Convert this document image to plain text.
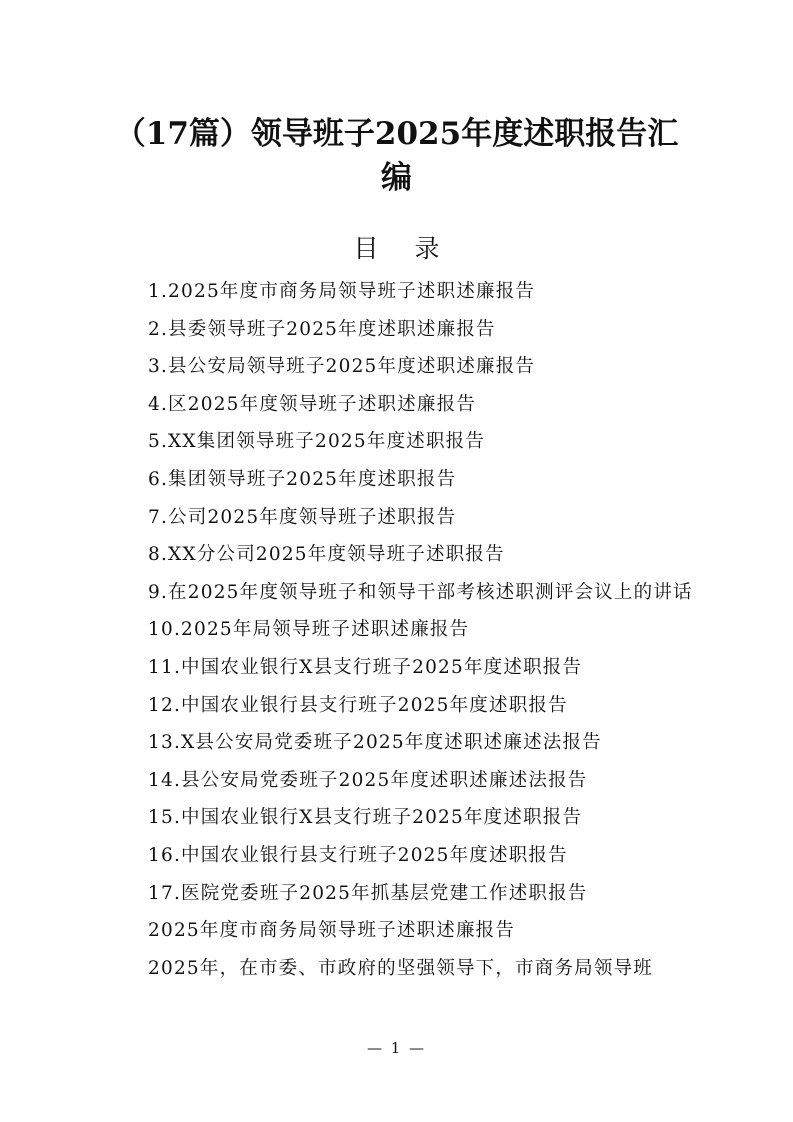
（17篇）领导班子2025年度述职报告汇编
目 录
1.2025年度市商务局领导班子述职述廉报告
2.县委领导班子2025年度述职述廉报告
3.县公安局领导班子2025年度述职述廉报告
4.区2025年度领导班子述职述廉报告
5.XX集团领导班子2025年度述职报告
6.集团领导班子2025年度述职报告
7.公司2025年度领导班子述职报告
8.XX分公司2025年度领导班子述职报告
9.在2025年度领导班子和领导干部考核述职测评会议上的讲话
10.2025年局领导班子述职述廉报告
11.中国农业银行X县支行班子2025年度述职报告
12.中国农业银行县支行班子2025年度述职报告
13.X县公安局党委班子2025年度述职述廉述法报告
14.县公安局党委班子2025年度述职述廉述法报告
15.中国农业银行X县支行班子2025年度述职报告
16.中国农业银行县支行班子2025年度述职报告
17.医院党委班子2025年抓基层党建工作述职报告
2025年度市商务局领导班子述职述廉报告
2025年，在市委、市政府的坚强领导下，市商务局领导班
— 1 —
